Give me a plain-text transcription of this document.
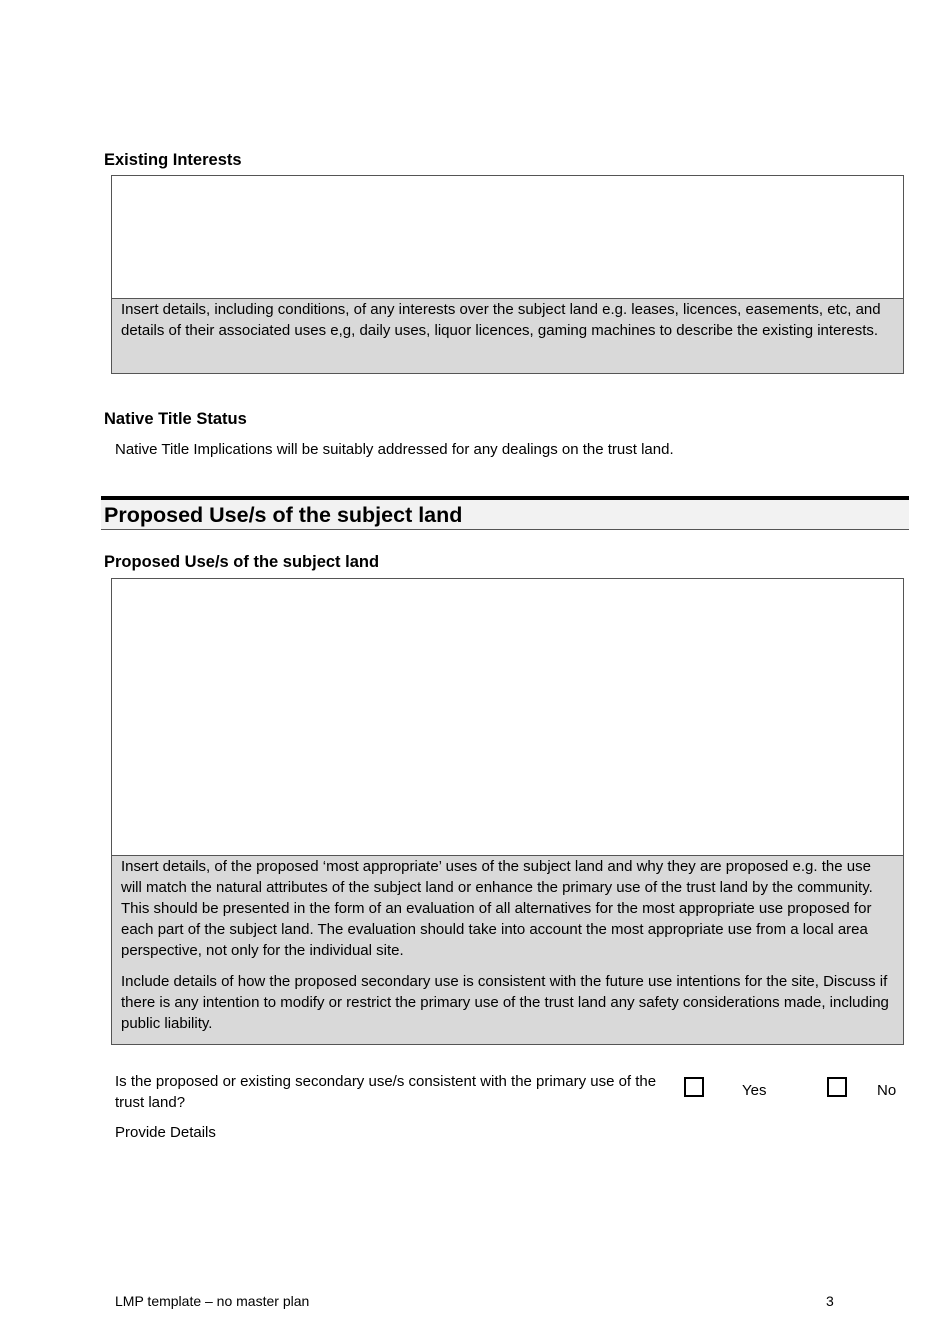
Existing Interests

Insert details, including conditions, of any interests over the subject land e.g. leases, licences, easements, etc, and details of their associated uses e,g, daily uses, liquor licences, gaming machines to describe the existing interests.

Native Title Status
Native Title Implications will be suitably addressed for any dealings on the trust land.
Proposed Use/s of the subject land
Proposed Use/s of the subject land

Insert details, of the proposed ‘most appropriate’ uses of the subject land and why they are proposed e.g. the use will match the natural attributes of the subject land or enhance the primary use of the trust land by the community. This should be presented in the form of an evaluation of all alternatives for the most appropriate use proposed for each part of the subject land. The evaluation should take into account the most appropriate use from a local area perspective, not only for the individual site.

Include details of how the proposed secondary use is consistent with the future use intentions for the site, Discuss if there is any intention to modify or restrict the primary use of the trust land any safety considerations made, including public liability.

Is the proposed or existing secondary use/s consistent with the primary use of the trust land?
Yes	No
Provide Details
LMP template – no master plan	3
